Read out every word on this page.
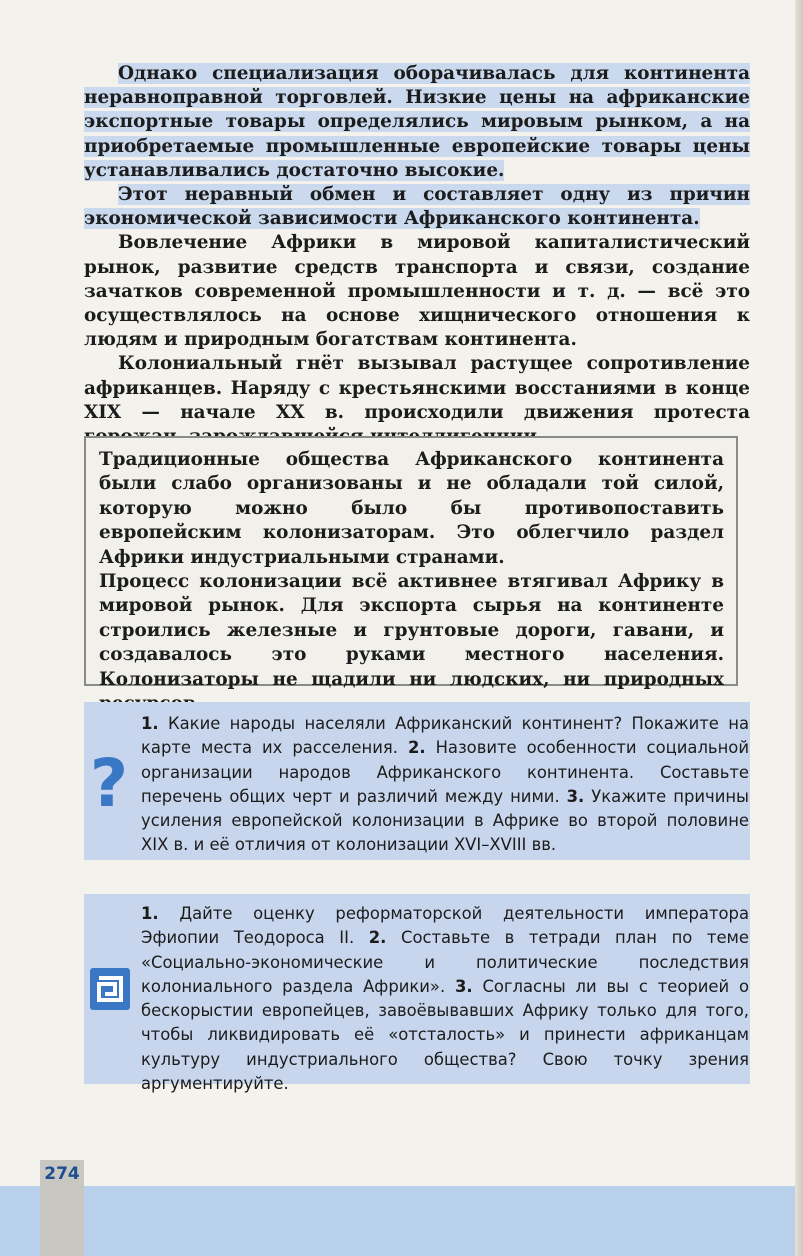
Однако специализация оборачивалась для континента неравноправной торговлей. Низкие цены на африканские экспортные товары определялись мировым рынком, а на приобретаемые промышленные европейские товары цены устанавливались достаточно высокие.

Этот неравный обмен и составляет одну из причин экономической зависимости Африканского континента.

Вовлечение Африки в мировой капиталистический рынок, развитие средств транспорта и связи, создание зачатков современной промышленности и т. д. — всё это осуществлялось на основе хищнического отношения к людям и природным богатствам континента.

Колониальный гнёт вызывал растущее сопротивление африканцев. Наряду с крестьянскими восстаниями в конце XIX — начале XX в. происходили движения протеста

Традиционные общества Африканского континента были слабо организованы и не обладали той силой, которую можно было бы противопоставить европейским колонизаторам. Это облегчило раздел Африки индустриальными странами.

Процесс колонизации всё активнее втягивал Африку в мировой рынок. Для экспорта сырья на континенте строились железные и грунтовые дороги, гавани, и создавалось это руками местного населения. Колонизаторы не щадили ни людских, ни природных

?
1. Какие народы населяли Африканский континент? Покажите на карте места их расселения. 2. Назовите особенности социальной организации народов Африканского континента. Составьте перечень общих черт и различий между ними. 3. Укажите причины усиления европейской колонизации в Африке во второй половине XIX в. и её отличия от колонизации XVI–XVIII вв.
1. Дайте оценку реформаторской деятельности императора Эфиопии Теодороса II. 2. Составьте в тетради план по теме «Социально-экономические и политические последствия колониального раздела Африки». 3. Согласны ли вы с теорией о бескорыстии европейцев, завоёвывавших Африку только для того, чтобы ликвидировать её «отсталость» и принести африканцам культуру индустриального общества? Свою точку зрения аргументируйте.
274
